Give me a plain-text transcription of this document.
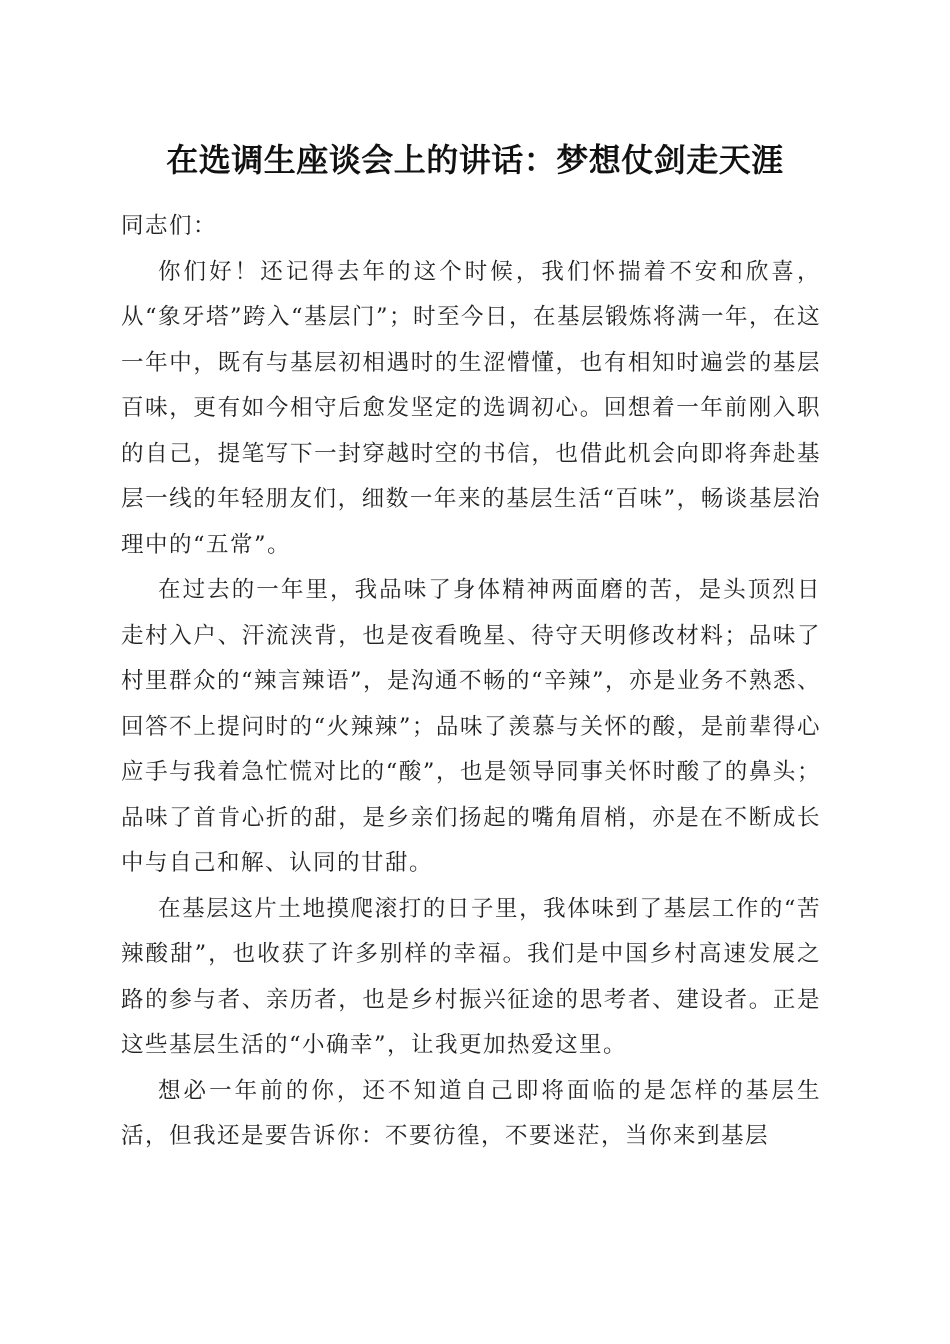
在选调生座谈会上的讲话：梦想仗剑走天涯

同志们：

你们好！还记得去年的这个时候，我们怀揣着不安和欣喜，从“象牙塔”跨入“基层门”；时至今日，在基层锻炼将满一年，在这一年中，既有与基层初相遇时的生涩懵懂，也有相知时遍尝的基层百味，更有如今相守后愈发坚定的选调初心。回想着一年前刚入职的自己，提笔写下一封穿越时空的书信，也借此机会向即将奔赴基层一线的年轻朋友们，细数一年来的基层生活“百味”，畅谈基层治理中的“五常”。

在过去的一年里，我品味了身体精神两面磨的苦，是头顶烈日走村入户、汗流浃背，也是夜看晚星、待守天明修改材料；品味了村里群众的“辣言辣语”，是沟通不畅的“辛辣”，亦是业务不熟悉、回答不上提问时的“火辣辣”；品味了羡慕与关怀的酸，是前辈得心应手与我着急忙慌对比的“酸”，也是领导同事关怀时酸了的鼻头；品味了首肯心折的甜，是乡亲们扬起的嘴角眉梢，亦是在不断成长中与自己和解、认同的甘甜。

在基层这片土地摸爬滚打的日子里，我体味到了基层工作的“苦辣酸甜”，也收获了许多别样的幸福。我们是中国乡村高速发展之路的参与者、亲历者，也是乡村振兴征途的思考者、建设者。正是这些基层生活的“小确幸”，让我更加热爱这里。

想必一年前的你，还不知道自己即将面临的是怎样的基层生活，但我还是要告诉你：不要彷徨，不要迷茫，当你来到基层
